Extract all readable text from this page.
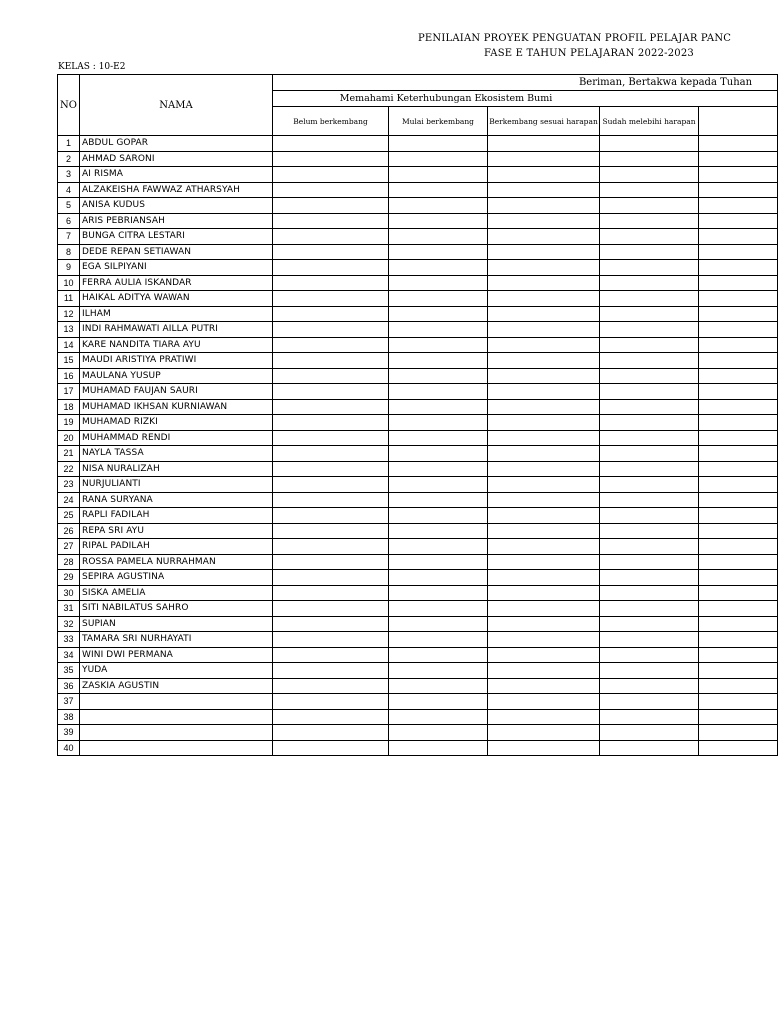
PENILAIAN PROYEK PENGUATAN PROFIL PELAJAR PANC
FASE E TAHUN PELAJARAN 2022-2023
KELAS : 10-E2
NO	NAMA	Beriman, Bertakwa kepada Tuhan				
		Memahami Keterhubungan Ekosistem Bumi				
		Belum berkembang	Mulai berkembang	Berkembang sesuai harapan	Sudah melebihi harapan	
1	ABDUL GOPAR					
2	AHMAD SARONI					
3	AI RISMA					
4	ALZAKEISHA FAWWAZ ATHARSYAH					
5	ANISA KUDUS					
6	ARIS PEBRIANSAH					
7	BUNGA CITRA LESTARI					
8	DEDE REPAN SETIAWAN					
9	EGA SILPIYANI					
10	FERRA AULIA ISKANDAR					
11	HAIKAL ADITYA WAWAN					
12	ILHAM					
13	INDI RAHMAWATI AILLA PUTRI					
14	KARE NANDITA TIARA AYU					
15	MAUDI ARISTIYA PRATIWI					
16	MAULANA YUSUP					
17	MUHAMAD FAUJAN SAURI					
18	MUHAMAD IKHSAN KURNIAWAN					
19	MUHAMAD RIZKI					
20	MUHAMMAD RENDI					
21	NAYLA TASSA					
22	NISA NURALIZAH					
23	NURJULIANTI					
24	RANA SURYANA					
25	RAPLI FADILAH					
26	REPA SRI AYU					
27	RIPAL PADILAH					
28	ROSSA PAMELA NURRAHMAN					
29	SEPIRA AGUSTINA					
30	SISKA AMELIA					
31	SITI NABILATUS SAHRO					
32	SUPIAN					
33	TAMARA SRI NURHAYATI					
34	WINI DWI PERMANA					
35	YUDA					
36	ZASKIA AGUSTIN					
37						
38						
39						
40						
